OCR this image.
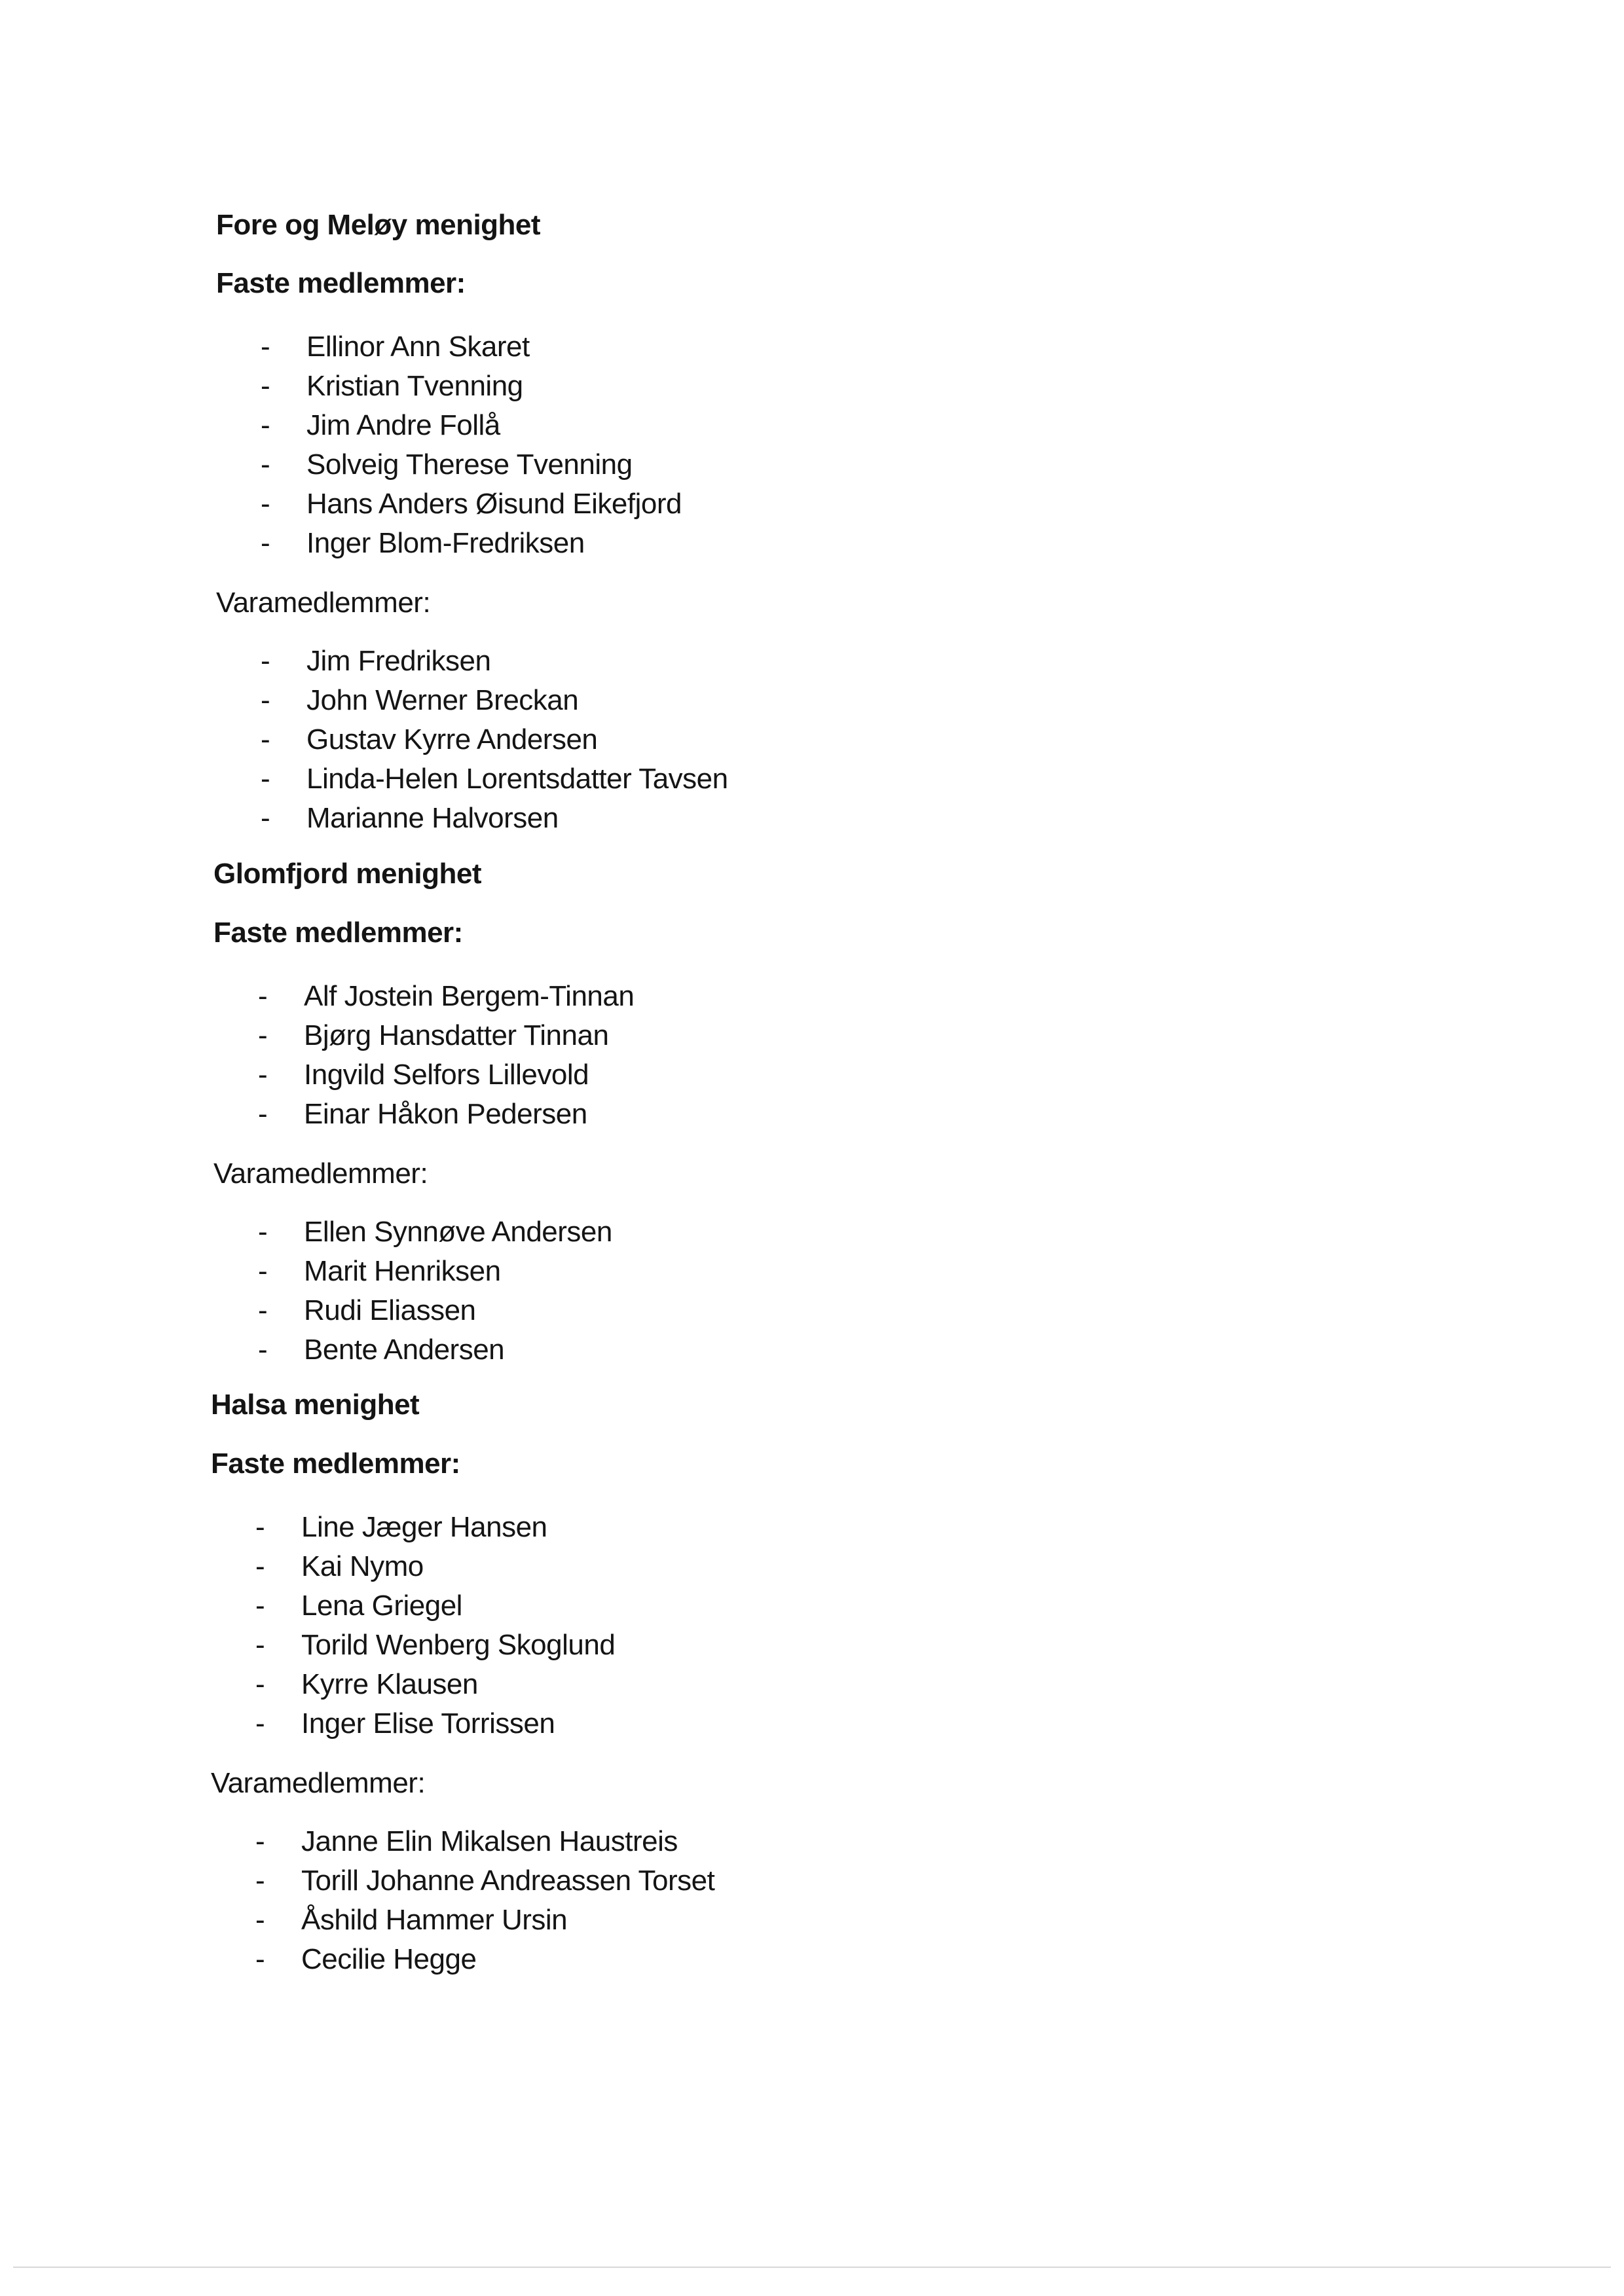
Fore og Meløy menighet
Faste medlemmer:
- Ellinor Ann Skaret
- Kristian Tvenning
- Jim Andre Follå
- Solveig Therese Tvenning
- Hans Anders Øisund Eikefjord
- Inger Blom-Fredriksen
Varamedlemmer:
- Jim Fredriksen
- John Werner Breckan
- Gustav Kyrre Andersen
- Linda-Helen Lorentsdatter Tavsen
- Marianne Halvorsen
Glomfjord menighet
Faste medlemmer:
- Alf Jostein Bergem-Tinnan
- Bjørg Hansdatter Tinnan
- Ingvild Selfors Lillevold
- Einar Håkon Pedersen
Varamedlemmer:
- Ellen Synnøve Andersen
- Marit Henriksen
- Rudi Eliassen
- Bente Andersen
Halsa menighet
Faste medlemmer:
- Line Jæger Hansen
- Kai Nymo
- Lena Griegel
- Torild Wenberg Skoglund
- Kyrre Klausen
- Inger Elise Torrissen
Varamedlemmer:
- Janne Elin Mikalsen Haustreis
- Torill Johanne Andreassen Torset
- Åshild Hammer Ursin
- Cecilie Hegge
